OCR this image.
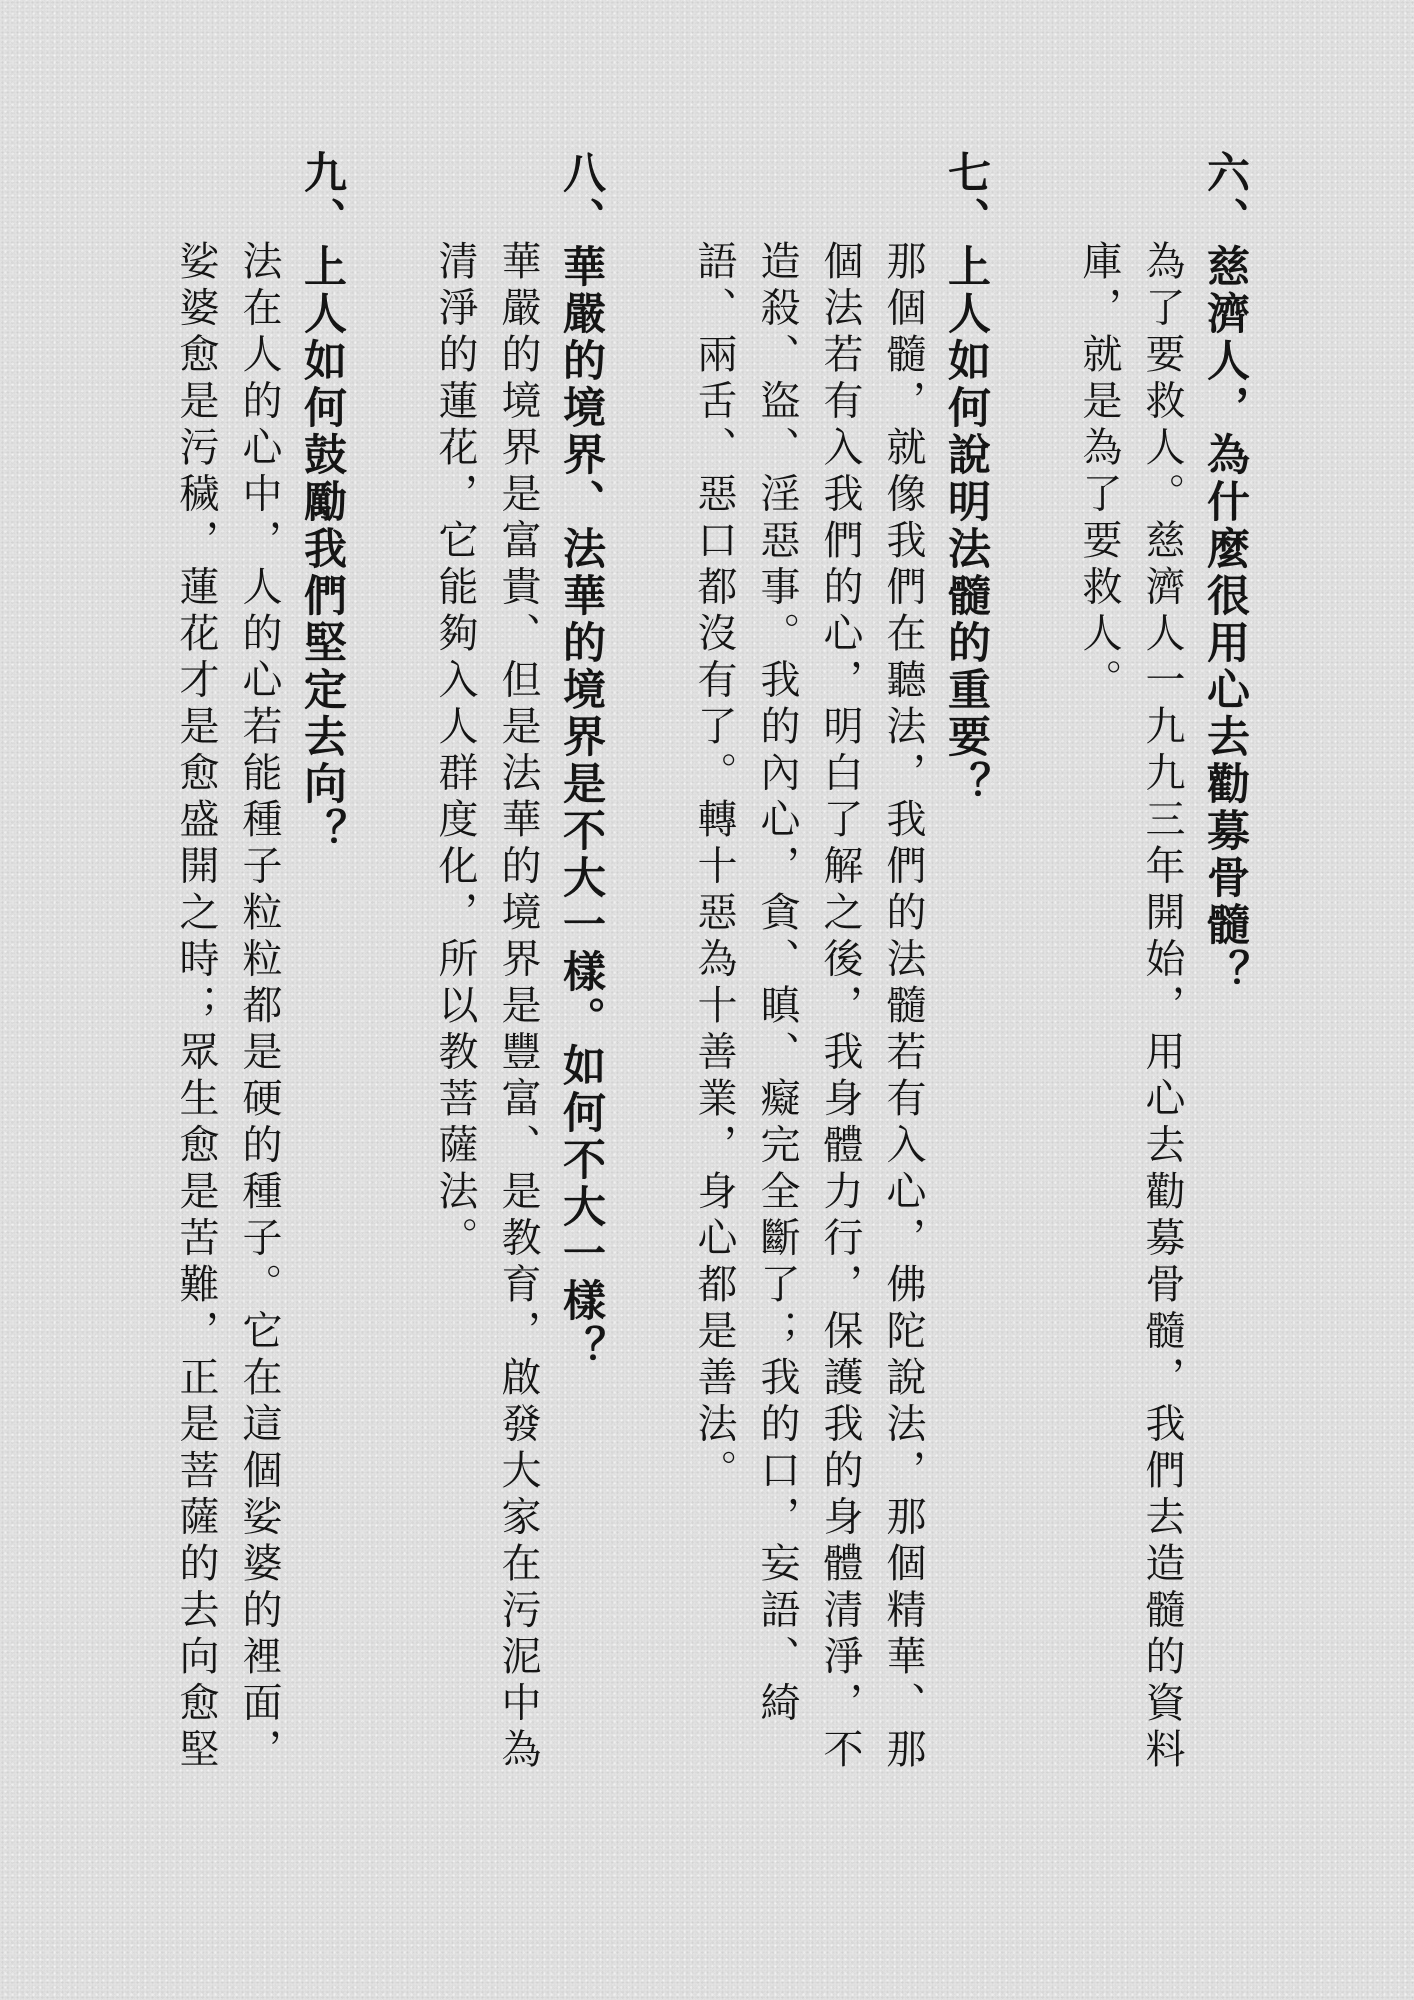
六、慈濟人，為什麼很用心去勸募骨髓？
為了要救人。慈濟人一九九三年開始，用心去勸募骨髓，我們去造髓的資料
庫，就是為了要救人。
七、上人如何說明法髓的重要？
那個髓，就像我們在聽法，我們的法髓若有入心，佛陀說法，那個精華、那
個法若有入我們的心，明白了解之後，我身體力行，保護我的身體清淨，不
造殺、盜、淫惡事。我的內心，貪、瞋、癡完全斷了；我的口，妄語、綺
語、兩舌、惡口都沒有了。轉十惡為十善業，身心都是善法。
八、華嚴的境界、法華的境界是不大一樣。如何不大一樣？
華嚴的境界是富貴、但是法華的境界是豐富、是教育，啟發大家在污泥中為
清淨的蓮花，它能夠入人群度化，所以教菩薩法。
九、上人如何鼓勵我們堅定去向？
法在人的心中，人的心若能種子粒粒都是硬的種子。它在這個娑婆的裡面，
娑婆愈是污穢，蓮花才是愈盛開之時；眾生愈是苦難，正是菩薩的去向愈堅
